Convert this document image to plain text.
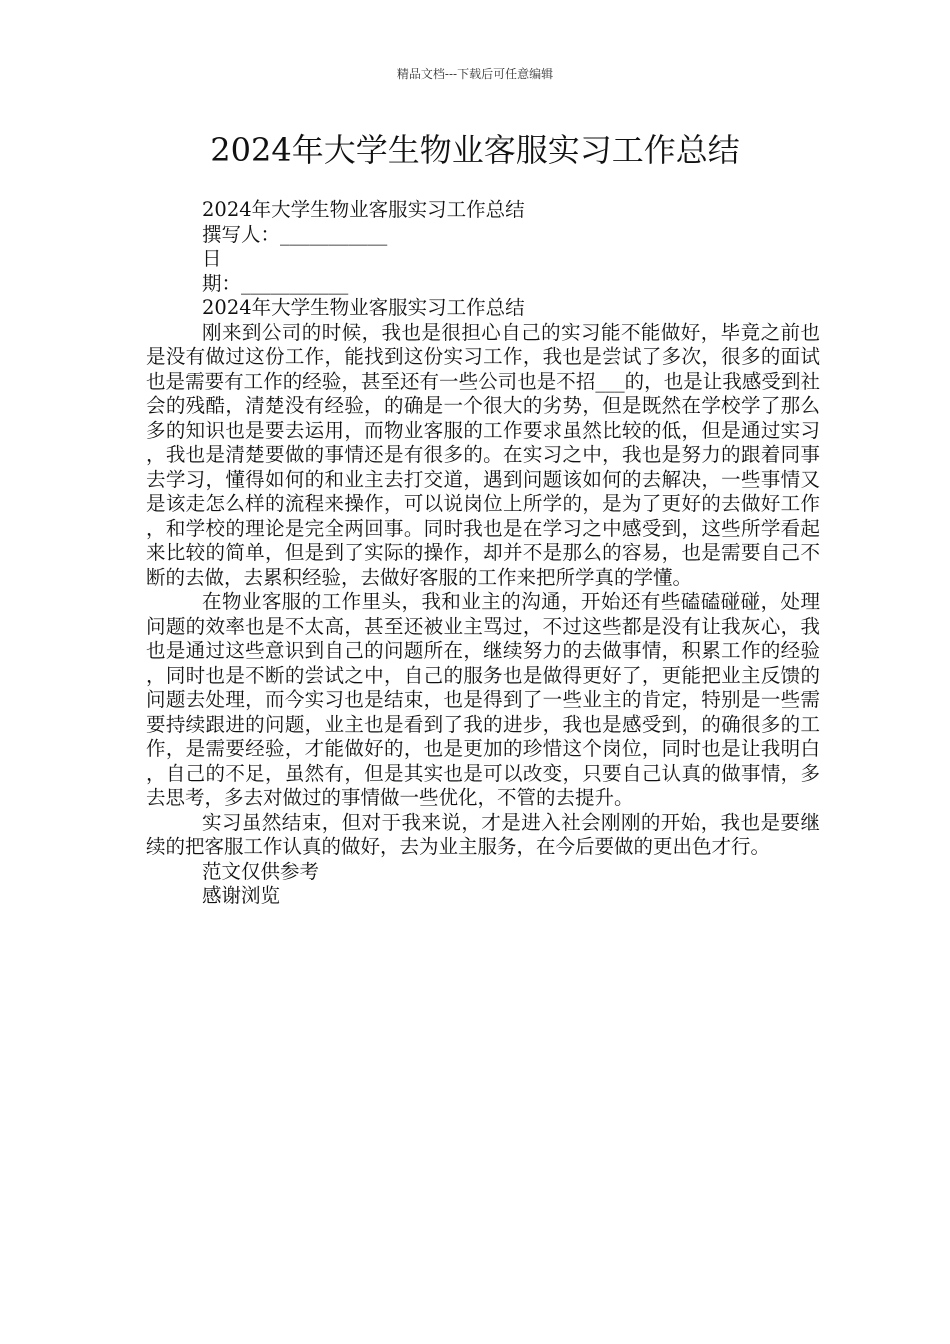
精品文档---下载后可任意编辑
2024年大学生物业客服实习工作总结
2024年大学生物业客服实习工作总结
撰写人：___________
日
期：___________
2024年大学生物业客服实习工作总结

刚来到公司的时候，我也是很担心自己的实习能不能做好，毕竟之前也是没有做过这份工作，能找到这份实习工作，我也是尝试了多次，很多的面试也是需要有工作的经验，甚至还有一些公司也是不招___的，也是让我感受到社会的残酷，清楚没有经验，的确是一个很大的劣势，但是既然在学校学了那么多的知识也是要去运用，而物业客服的工作要求虽然比较的低，但是通过实习，我也是清楚要做的事情还是有很多的。在实习之中，我也是努力的跟着同事去学习，懂得如何的和业主去打交道，遇到问题该如何的去解决，一些事情又是该走怎么样的流程来操作，可以说岗位上所学的，是为了更好的去做好工作，和学校的理论是完全两回事。同时我也是在学习之中感受到，这些所学看起来比较的简单，但是到了实际的操作，却并不是那么的容易，也是需要自己不断的去做，去累积经验，去做好客服的工作来把所学真的学懂。

在物业客服的工作里头，我和业主的沟通，开始还有些磕磕碰碰，处理问题的效率也是不太高，甚至还被业主骂过，不过这些都是没有让我灰心，我也是通过这些意识到自己的问题所在，继续努力的去做事情，积累工作的经验，同时也是不断的尝试之中，自己的服务也是做得更好了，更能把业主反馈的问题去处理，而今实习也是结束，也是得到了一些业主的肯定，特别是一些需要持续跟进的问题，业主也是看到了我的进步，我也是感受到，的确很多的工作，是需要经验，才能做好的，也是更加的珍惜这个岗位，同时也是让我明白，自己的不足，虽然有，但是其实也是可以改变，只要自己认真的做事情，多去思考，多去对做过的事情做一些优化，不管的去提升。

实习虽然结束，但对于我来说，才是进入社会刚刚的开始，我也是要继续的把客服工作认真的做好，去为业主服务，在今后要做的更出色才行。

范文仅供参考
感谢浏览
